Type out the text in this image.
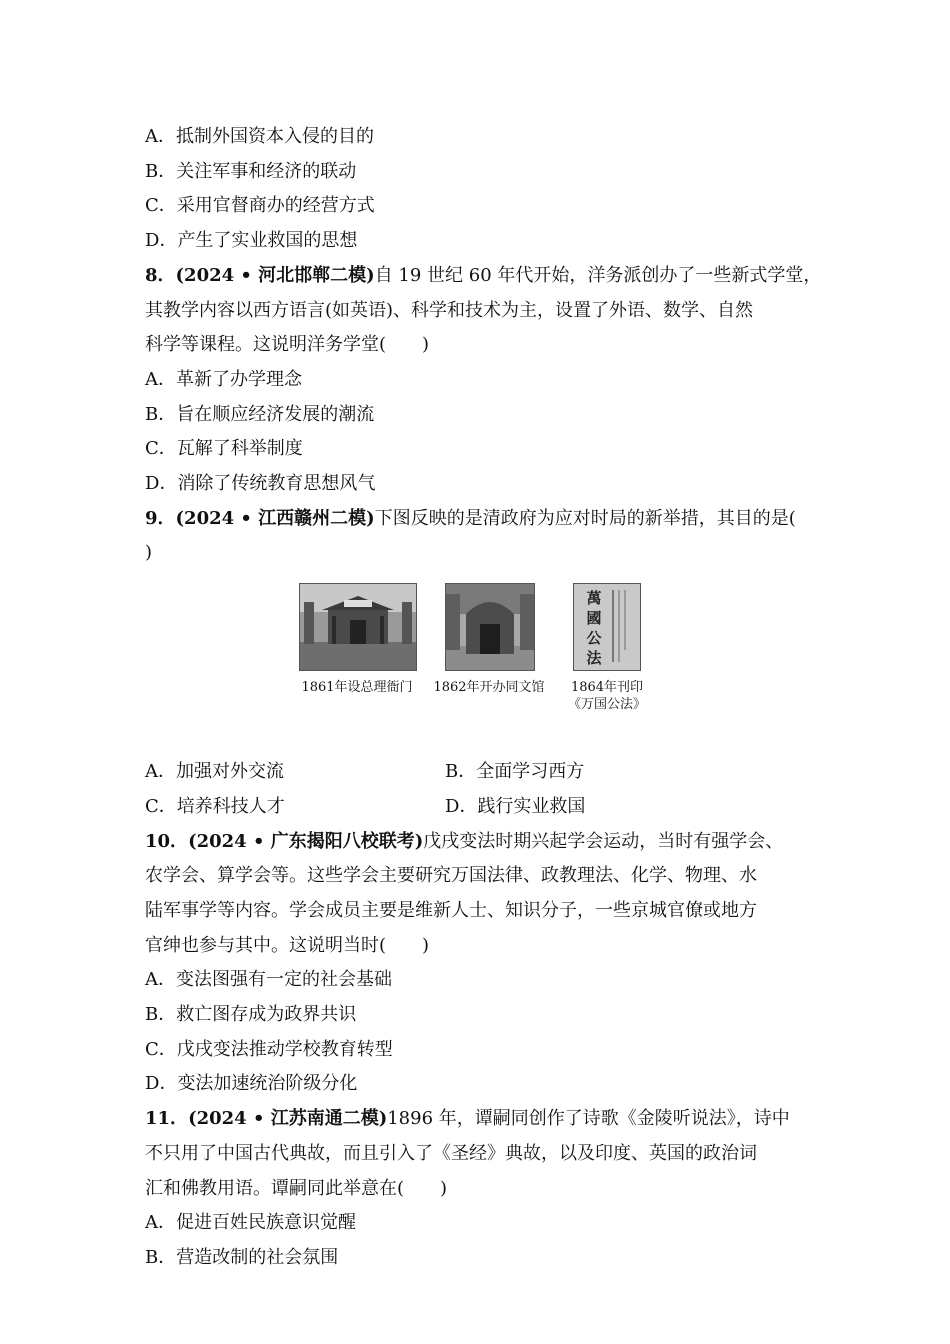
A．抵制外国资本入侵的目的
B．关注军事和经济的联动
C．采用官督商办的经营方式
D．产生了实业救国的思想
8．(2024 • 河北邯郸二模)自 19 世纪 60 年代开始，洋务派创办了一些新式学堂，
其教学内容以西方语言(如英语)、科学和技术为主，设置了外语、数学、自然
科学等课程。这说明洋务学堂(　　)
A．革新了办学理念
B．旨在顺应经济发展的潮流
C．瓦解了科举制度
D．消除了传统教育思想风气
9．(2024 • 江西赣州二模)下图反映的是清政府为应对时局的新举措，其目的是(
)
1861年设总理衙门	1862年开办同文馆
萬國公法
1864年刊印
《万国公法》
A．加强对外交流	B．全面学习西方
C．培养科技人才	D．践行实业救国
10．(2024 • 广东揭阳八校联考)戊戌变法时期兴起学会运动，当时有强学会、
农学会、算学会等。这些学会主要研究万国法律、政教理法、化学、物理、水
陆军事学等内容。学会成员主要是维新人士、知识分子，一些京城官僚或地方
官绅也参与其中。这说明当时(　　)
A．变法图强有一定的社会基础
B．救亡图存成为政界共识
C．戊戌变法推动学校教育转型
D．变法加速统治阶级分化
11．(2024 • 江苏南通二模)1896 年，谭嗣同创作了诗歌《金陵听说法》，诗中
不只用了中国古代典故，而且引入了《圣经》典故，以及印度、英国的政治词
汇和佛教用语。谭嗣同此举意在(　　)
A．促进百姓民族意识觉醒
B．营造改制的社会氛围
